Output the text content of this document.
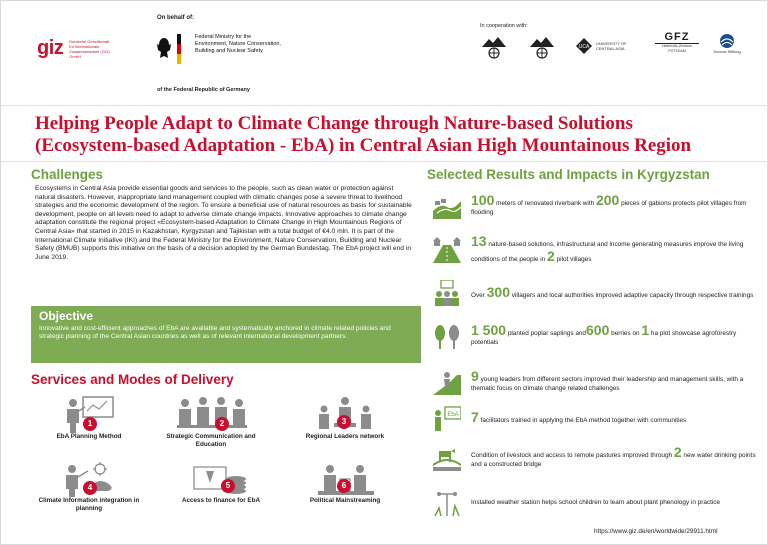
giz Deutsche Gesellschaft für Internationale Zusammenarbeit (GIZ) GmbH
On behalf of:
Federal Ministry for the
Environment, Nature Conservation,
Building and Nuclear Safety
of the Federal Republic of Germany
In cooperation with:
UCA
UNIVERSITY OF CENTRAL ASIA
GFZ
Helmholtz-Zentrum POTSDAM	Succow Stiftung
Helping People Adapt to Climate Change through Nature-based Solutions
(Ecosystem-based Adaptation - EbA) in Central Asian High Mountainous Region
Challenges
Ecosystems in Central Asia provide essential goods and services to the people, such as clean water or protection against natural disasters. However, inappropriate land management coupled with climatic changes pose a severe threat to livelihood strategies and the economic development of the region. To ensure a beneficial use of natural resources as basis for sustainable development, people on all levels need to adapt to adverse climate change impacts. Innovative approaches to climate change adaptation constitute the regional project «Ecosystem-based Adaptation to Climate Change in High Mountainous Regions of Central Asia» that started in 2015 in Kazakhstan, Kyrgyzstan and Tajikistan with a total budget of €4.0 mln. It is part of the International Climate Initiative (IKI) and the Federal Ministry for the Environment, Nature Conservation, Building and Nuclear Safety (BMUB) supports this initiative on the basis of a decision adopted by the German Bundestag. The EbA project will end in June 2019.
Objective
Innovative and cost-efficient approaches of EbA are available and systematically anchored in climate related policies and strategic planning of the Central Asian countries as well as of relevant international development partners.
Services and Modes of Delivery
1
EbA Planning Method
2
Strategic Communication and Education
3
Regional Leaders network
4
Climate Information integration in planning
5
Access to finance for EbA
6
Political Mainstreaming
Selected Results and Impacts in Kyrgyzstan
100 meters of renovated riverbank with 200 pieces of gabions protects pilot villages from flooding
13 nature-based solutions, infrastructural and income generating measures improve the living conditions of the people in 2 pilot villages
Over 300 villagers and local authorities improved adaptive capacity through respective trainings
1 500 planted poplar saplings and600 berries on 1 ha plot showcase agroforestry potentials
9 young leaders from different sectors improved their leadership and management skills, with a thematic focus on climate change related challenges
EbA 7 facilitators trained in applying the EbA method together with communities
Condition of livestock and access to remote pastures improved through 2 new water drinking points and a constructed bridge
Installed weather station helps school children to learn about plant phenology in practice
https://www.giz.de/en/worldwide/29911.html
